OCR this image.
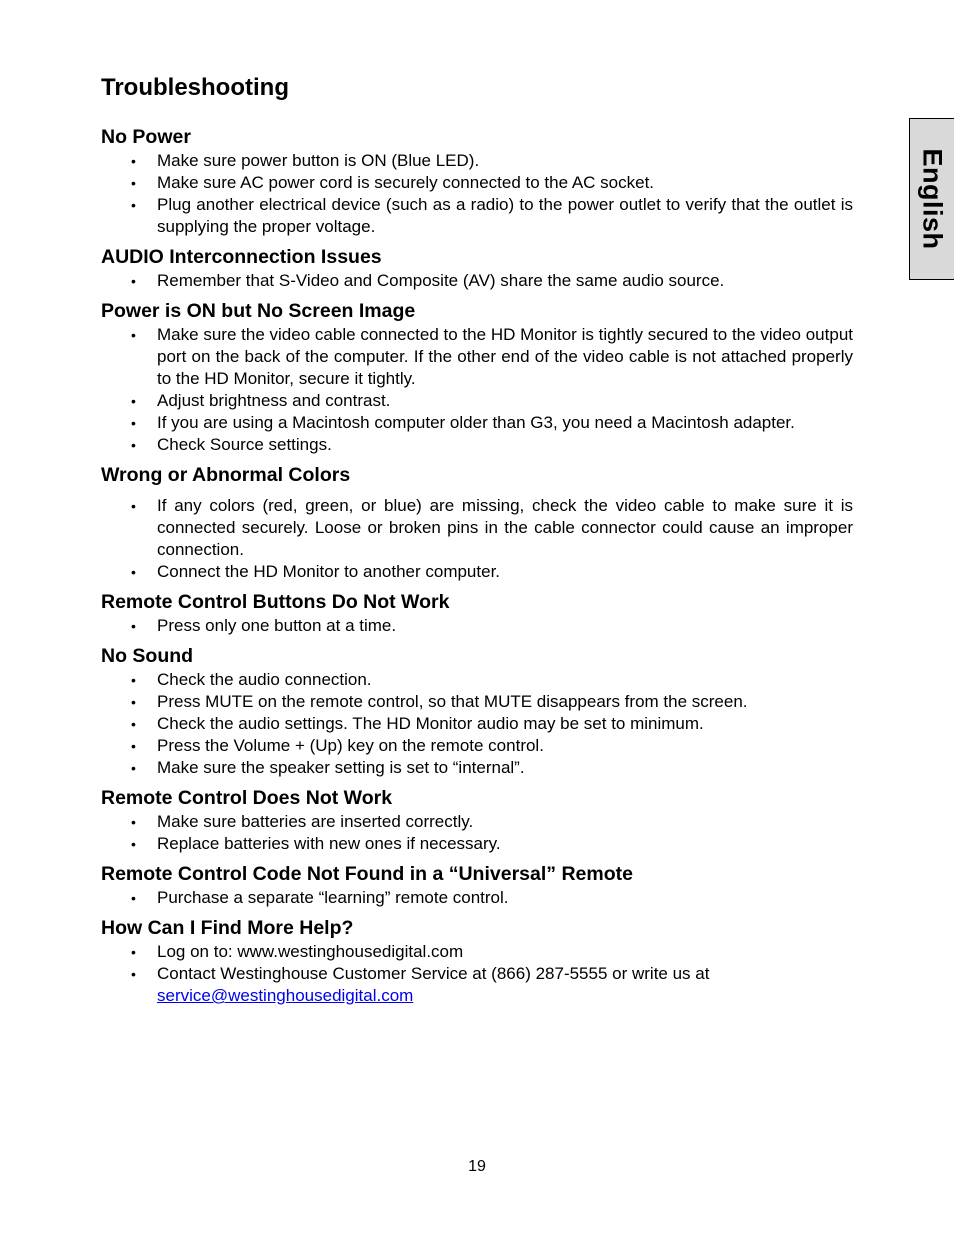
English
Troubleshooting
No Power
• Make sure power button is ON (Blue LED).
• Make sure AC power cord is securely connected to the AC socket.
• Plug another electrical device (such as a radio) to the power outlet to verify that the outlet is supplying the proper voltage.
AUDIO Interconnection Issues
• Remember that S-Video and Composite (AV) share the same audio source.
Power is ON but No Screen Image
• Make sure the video cable connected to the HD Monitor is tightly secured to the video output port on the back of the computer. If the other end of the video cable is not attached properly to the HD Monitor, secure it tightly.
• Adjust brightness and contrast.
• If you are using a Macintosh computer older than G3, you need a Macintosh adapter.
• Check Source settings.
Wrong or Abnormal Colors
• If any colors (red, green, or blue) are missing, check the video cable to make sure it is connected securely. Loose or broken pins in the cable connector could cause an improper connection.
• Connect the HD Monitor to another computer.
Remote Control Buttons Do Not Work
• Press only one button at a time.
No Sound
• Check the audio connection.
• Press MUTE on the remote control, so that MUTE disappears from the screen.
• Check the audio settings. The HD Monitor audio may be set to minimum.
• Press the Volume + (Up) key on the remote control.
• Make sure the speaker setting is set to “internal”.
Remote Control Does Not Work
• Make sure batteries are inserted correctly.
• Replace batteries with new ones if necessary.
Remote Control Code Not Found in a “Universal” Remote
• Purchase a separate “learning” remote control.
How Can I Find More Help?
• Log on to: www.westinghousedigital.com
• Contact Westinghouse Customer Service at (866) 287-5555 or write us at
service@westinghousedigital.com
19
